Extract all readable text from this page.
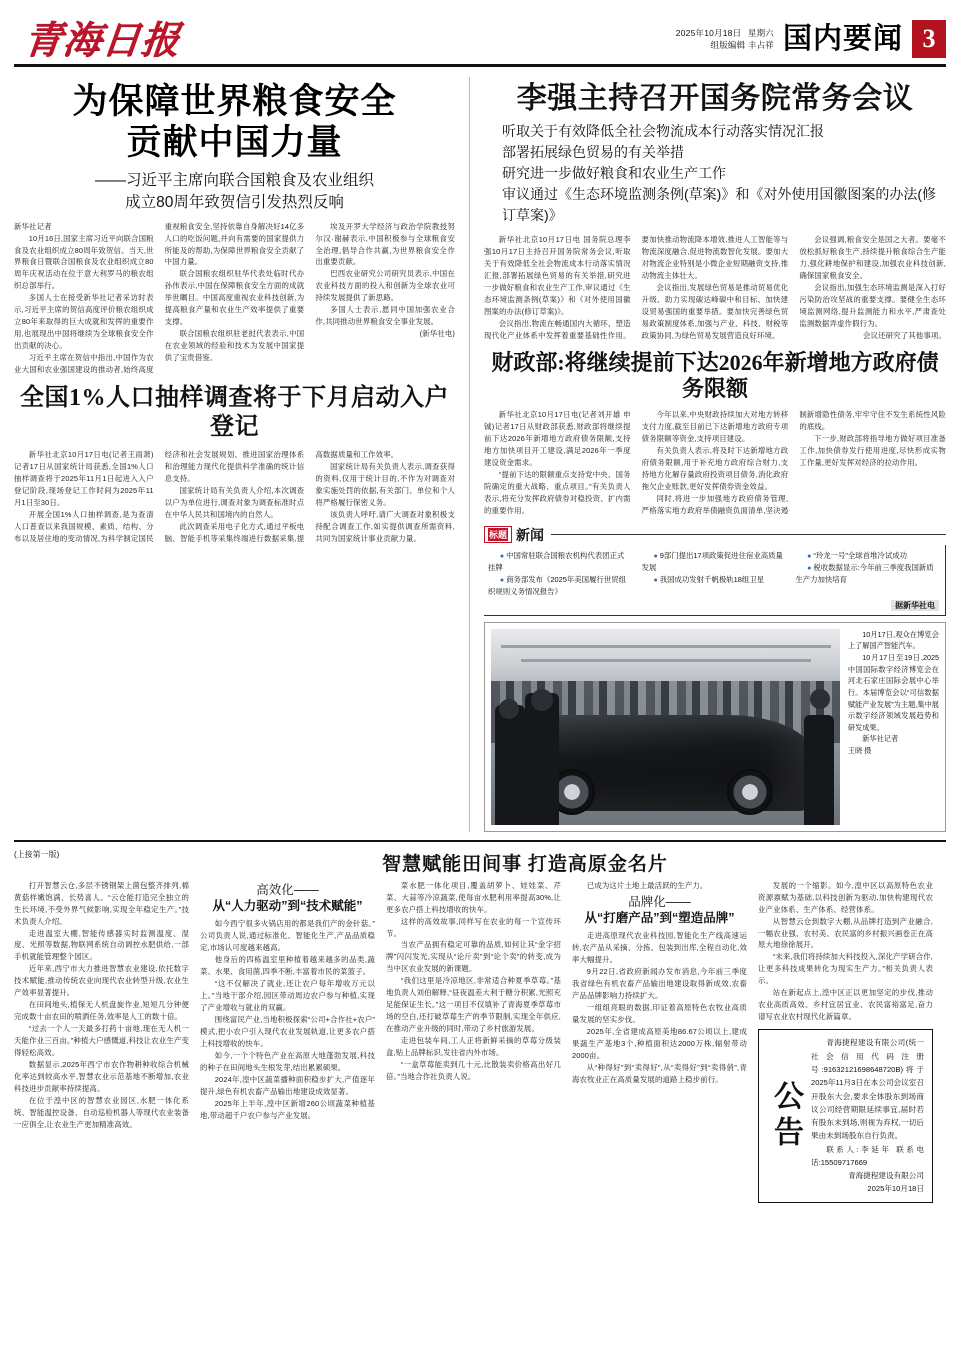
青海日报	2025年10月18日 星期六
组版编辑 丰占祥 国内要闻 3
为保障世界粮食安全
贡献中国力量
——习近平主席向联合国粮食及农业组织
成立80周年致贺信引发热烈反响

新华社记者

10月16日,国家主席习近平向联合国粮食及农业组织成立80周年致贺信。当天,世界粮食日暨联合国粮食及农业组织成立80周年庆祝活动在位于意大利罗马的粮农组织总部举行。

多国人士在接受新华社记者采访时表示,习近平主席的贺信高度评价粮农组织成立80年来取得的巨大成就和发挥的重要作用,也展现出中国将继续为全球粮食安全作出贡献的决心。

习近平主席在贺信中指出,中国作为农业大国和农业强国建设的推动者,始终高度重视粮食安全,坚持依靠自身解决好14亿多人口的吃饭问题,并向有需要的国家提供力所能及的帮助,为保障世界粮食安全贡献了中国力量。

联合国粮农组织驻华代表处临时代办孙伟表示,中国在保障粮食安全方面的成就举世瞩目。中国高度重视农业科技创新,为提高粮食产量和农业生产效率提供了重要支撑。

联合国粮农组织驻老挝代表表示,中国在农业领域的经验和技术为发展中国家提供了宝贵借鉴。

埃及开罗大学经济与政治学院教授努尔汉·谢赫表示,中国积极参与全球粮食安全治理,倡导合作共赢,为世界粮食安全作出重要贡献。

巴西农业研究公司研究员表示,中国在农业科技方面的投入和创新为全球农业可持续发展提供了新思路。

多国人士表示,愿同中国加强农业合作,共同推动世界粮食安全事业发展。

(新华社电)

全国1%人口抽样调查将于下月启动入户登记

新华社北京10月17日电(记者王雨萧)记者17日从国家统计局获悉,全国1%人口抽样调查将于2025年11月1日起进入入户登记阶段,现场登记工作时间为2025年11月1日至30日。

开展全国1%人口抽样调查,是为查清人口普查以来我国规模、素质、结构、分布以及居住地的变动情况,为科学制定国民经济和社会发展规划、推进国家治理体系和治理能力现代化提供科学准确的统计信息支持。

国家统计局有关负责人介绍,本次调查以户为单位进行,调查对象为调查标准时点在中华人民共和国境内的自然人。

此次调查采用电子化方式,通过平板电脑、智能手机等采集终端进行数据采集,提高数据质量和工作效率。

国家统计局有关负责人表示,调查获得的资料,仅用于统计目的,不作为对调查对象实施处罚的依据,有关部门、单位和个人将严格履行保密义务。

该负责人呼吁,请广大调查对象积极支持配合调查工作,如实提供调查所需资料,共同为国家统计事业贡献力量。

李强主持召开国务院常务会议
听取关于有效降低全社会物流成本行动落实情况汇报
部署拓展绿色贸易的有关举措
研究进一步做好粮食和农业生产工作
审议通过《生态环境监测条例(草案)》和《对外使用国徽图案的办法(修订草案)》

新华社北京10月17日电 国务院总理李强10月17日主持召开国务院常务会议,听取关于有效降低全社会物流成本行动落实情况汇报,部署拓展绿色贸易的有关举措,研究进一步做好粮食和农业生产工作,审议通过《生态环境监测条例(草案)》和《对外使用国徽图案的办法(修订草案)》。

会议指出,物流在畅通国内大循环、塑造现代化产业体系中发挥着重要基础性作用。要加快推动物流降本增效,推进人工智能等与物流深度融合,促进物流数智化发展。要加大对物流企业特别是小微企业短期融资支持,推动物流主体壮大。

会议指出,发展绿色贸易是推动贸易优化升级、助力实现碳达峰碳中和目标、加快建设贸易强国的重要举措。要加快完善绿色贸易政策制度体系,加强与产业、科技、财税等政策协同,为绿色贸易发展营造良好环境。

会议强调,粮食安全是国之大者。要毫不放松抓好粮食生产,持续提升粮食综合生产能力,强化耕地保护和建设,加强农业科技创新,确保国家粮食安全。

会议指出,加强生态环境监测是深入打好污染防治攻坚战的重要支撑。要健全生态环境监测网络,提升监测能力和水平,严肃查处监测数据弄虚作假行为。

会议还研究了其他事项。

财政部:将继续提前下达2026年新增地方政府债务限额

新华社北京10月17日电(记者刘开雄 申铖)记者17日从财政部获悉,财政部将继续提前下达2026年新增地方政府债务限额,支持地方加快项目开工建设,满足2026年一季度建设资金需求。

“提前下达的限额重点支持党中央、国务院确定的重大战略、重点项目。”有关负责人表示,将充分发挥政府债券对稳投资、扩内需的重要作用。

今年以来,中央财政持续加大对地方转移支付力度,截至目前已下达新增地方政府专项债务限额等资金,支持项目建设。

有关负责人表示,将及时下达新增地方政府债务限额,用于补充地方政府综合财力,支持地方化解存量政府投资项目债务,消化政府拖欠企业账款,更好发挥债券资金效益。

同时,将进一步加强地方政府债务管理,严格落实地方政府举债融资负面清单,坚决遏制新增隐性债务,牢牢守住不发生系统性风险的底线。

下一步,财政部将指导地方做好项目准备工作,加快债券发行使用进度,尽快形成实物工作量,更好发挥对经济的拉动作用。

标题 新闻

● 中国常驻联合国粮农机构代表团正式挂牌

● 商务部发布《2025年美国履行世贸组织规则义务情况报告》

● 9部门提出17项政策促进住宿业高质量发展

● 我国成功发射千帆极轨18组卫星

● “玲龙一号”全球首堆冷试成功

● 税收数据显示:今年前三季度我国新质生产力加快培育

据新华社电

10月17日,观众在博览会上了解国产智能汽车。

10月17日至19日,2025中国国际数字经济博览会在河北石家庄国际会展中心举行。本届博览会以“可信数据赋能产业发展”为主题,集中展示数字经济领域发展趋势和研发成果。

新华社记者

王晓 摄

(上接第一版)	智慧赋能田间事 打造高原金名片

打开智慧云仓,多层不锈钢架上菌包整齐排列,棉黄菇样嫩饱满、长势喜人。“云仓能打造完全独立的生长环境,不受外界气候影响,实现全年稳定生产。”技术负责人介绍。

走进温室大棚,智能传感器实时监测温度、湿度、光照等数据,物联网系统自动调控水肥供给,一部手机就能管理整个园区。

近年来,西宁市大力推进智慧农业建设,依托数字技术赋能,推动传统农业向现代农业转型升级,农业生产效率显著提升。

在田间地头,植保无人机盘旋作业,短短几分钟便完成数十亩农田的喷洒任务,效率是人工的数十倍。

“过去一个人一天最多打药十亩地,现在无人机一天能作业三百亩。”种植大户感慨道,科技让农业生产变得轻松高效。

数据显示,2025年西宁市农作物耕种收综合机械化率达到较高水平,智慧农业示范基地不断增加,农业科技进步贡献率持续提高。

在位于湟中区的智慧农业园区,水肥一体化系统、智能温控设备、自动巡检机器人等现代农业装备一应俱全,让农业生产更加精准高效。

高效化——
从“人力驱动”到“技术赋能”

如今西宁很多火锅店用的都是我们产的金针菇。”公司负责人说,通过标准化、智能化生产,产品品质稳定,市场认可度越来越高。

他身后的四栋温室里种植着越来越多的品类,蔬菜、水果、食用菌,四季不断,丰富着市民的菜篮子。

“这不仅解决了就业,还让农户每年增收万元以上。”当地干部介绍,园区带动周边农户参与种植,实现了产业增收与就业的双赢。

围绕富民产业,当地积极探索“公司+合作社+农户”模式,把小农户引入现代农业发展轨道,让更多农户搭上科技增收的快车。

如今,一个个特色产业在高原大地蓬勃发展,科技的种子在田间地头生根发芽,结出累累硕果。

2024年,湟中区蔬菜播种面积稳步扩大,产值逐年提升,绿色有机农畜产品输出地建设成效显著。

2025年上半年,湟中区新增260公顷蔬菜种植基地,带动超千户农户参与产业发展。

菜水肥一体化项目,覆盖胡萝卜、娃娃菜、芹菜、大蒜等冷凉蔬菜,使每亩水肥利用率提高30%,让更多农户搭上科技增收的快车。

这样的高效故事,同样写在农业的每一个宣传环节。

当农产品拥有稳定可靠的品质,如何让其“金字招牌”闪闪发光,实现从“论斤卖”到“论个卖”的转变,成为当中区农业发展的新课题。

“我们这里是冷凉地区,非常适合种夏季草莓。”基地负责人刘伯解释,“昼夜温差大利于糖分积累,光照充足能保证生长。”这一项目不仅填补了青海夏季草莓市场的空白,还打破草莓生产的季节限制,实现全年供应,在推动产业升级的同时,带动了乡村旅游发展。

走进包装车间,工人正将新鲜采摘的草莓分级装盒,贴上品牌标识,发往省内外市场。

“一盒草莓能卖到几十元,比散装卖价格高出好几倍。”当地合作社负责人说。

已成为这片土地上最活跃的生产力。

品牌化——
从“打磨产品”到“塑造品牌”

走进高原现代农业科技园,智能化生产线高速运转,农产品从采摘、分拣、包装到出库,全程自动化,效率大幅提升。

9月22日,省政府新闻办发布消息,今年前三季度我省绿色有机农畜产品输出地建设取得新成效,农畜产品品牌影响力持续扩大。

一组组亮眼的数据,印证着高原特色农牧业高质量发展的坚实步伐。

2025年,全省建成高原美地86.67公顷以上,建成果蔬生产基地3个,种植面积达2000万株,辐射带动2000亩。

从“种得好”到“卖得好”,从“卖得好”到“卖得俏”,青海农牧业正在高质量发展的道路上稳步前行。

发展的一个缩影。如今,湟中区以高原特色农业资源禀赋为基础,以科技创新为驱动,加快构建现代农业产业体系、生产体系、经营体系。

从智慧云仓到数字大棚,从品牌打造到产业融合,一幅农业强、农村美、农民富的乡村振兴画卷正在高原大地徐徐展开。

“未来,我们将持续加大科技投入,深化产学研合作,让更多科技成果转化为现实生产力。”相关负责人表示。

站在新起点上,湟中区正以更加坚定的步伐,推动农业高质高效、乡村宜居宜业、农民富裕富足,奋力谱写农业农村现代化新篇章。

公告

青海捷程建设有限公司(统一社会信用代码注册号:91632121698648720B)将于2025年11月3日在本公司会议室召开股东大会,要求全体股东到场商议公司经营期限延续事宜,届时若有股东未到场,则视为弃权,一切后果由未到场股东自行负责。

联系人:李延年 联系电话:15509717669

青海捷程建设有限公司

2025年10月18日
